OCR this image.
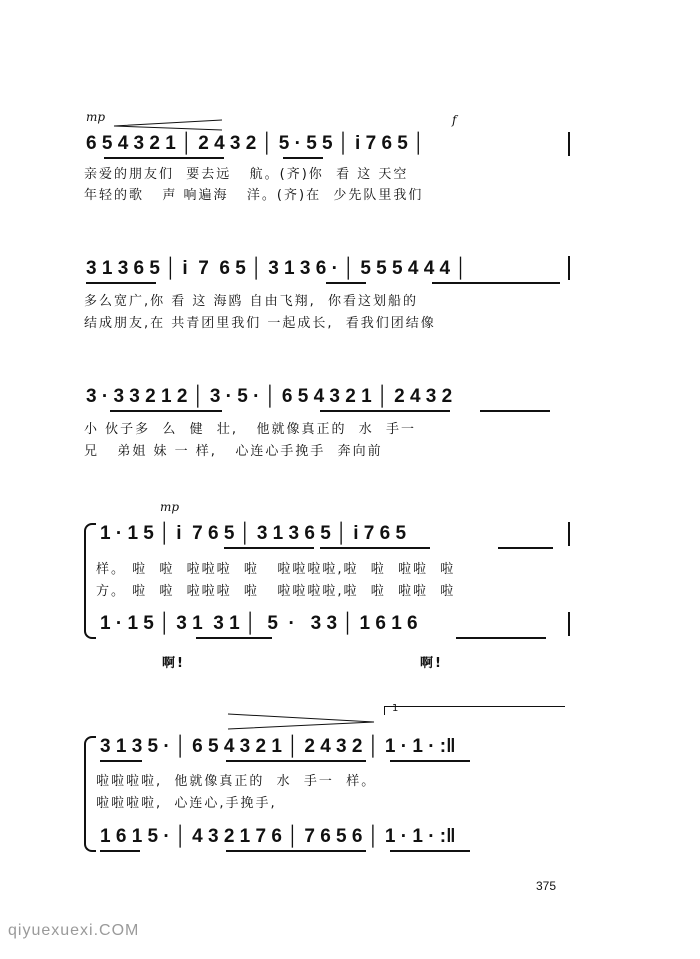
mp	f
6 5 4 3 2 1 │ 2 4 3 2 │ 5 · 5 5 │ i 7 6 5 │
亲爱的朋友们  要去远   航。(齐)你  看 这 天空
年轻的歌   声 响遍海   洋。(齐)在  少先队里我们
3 1 3 6 5 │ i  7  6 5 │ 3 1 3 6 · │ 5 5 5 4 4 4 │
多么宽广,你 看 这 海鸥 自由飞翔,  你看这划船的
结成朋友,在 共青团里我们 一起成长,  看我们团结像
3 · 3 3 2 1 2 │ 3 · 5 · │ 6 5 4 3 2 1 │ 2 4 3 2
小 伙子多  么  健  壮,   他就像真正的  水  手一
兄   弟姐 妹 一 样,   心连心手挽手  奔向前
mp
1 · 1 5 │ i  7 6 5 │ 3 1 3 6 5 │ i 7 6 5
样。 啦  啦  啦啦啦  啦   啦啦啦啦,啦  啦  啦啦  啦
方。 啦  啦  啦啦啦  啦   啦啦啦啦,啦  啦  啦啦  啦
1 · 1 5 │ 3 1  3 1 │  5  ·   3 3 │ 1 6 1 6
啊!	啊!
1
3 1 3 5 · │ 6 5 4 3 2 1 │ 2 4 3 2 │ 1 · 1 · :‖
啦啦啦啦,  他就像真正的  水  手一  样。
啦啦啦啦,  心连心,手挽手,
1 6 1 5 · │ 4 3 2 1 7 6 │ 7 6 5 6 │ 1 · 1 · :‖
375
qiyuexuexi.COM
